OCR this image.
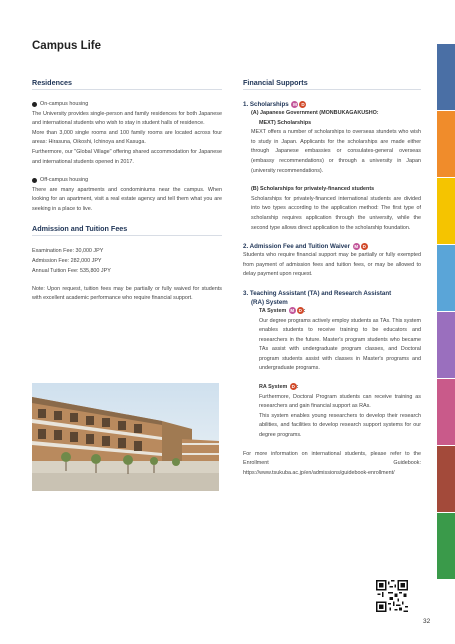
Campus Life
Residences
On-campus housing
The University provides single-person and family residences for both Japanese and international students who wish to stay in student halls of residence.
More than 3,000 single rooms and 100 family rooms are located across four areas: Hirasuna, Oikoshi, Ichinoya and Kasuga.
Furthermore, our "Global Village" offering shared accommodation for Japanese and international students opened in 2017.
Off-campus housing
There are many apartments and condominiums near the campus. When looking for an apartment, visit a real estate agency and tell them what you are seeking in a place to live.
Admission and Tuition Fees
Examination Fee: 30,000 JPY
Admission Fee: 282,000 JPY
Annual Tuition Fee: 535,800 JPY
Note: Upon request, tuition fees may be partially or fully waived for students with excellent academic performance who require financial support.
Financial Supports
1. Scholarships M D
(A) Japanese Government (MONBUKAGAKUSHO:
MEXT) Scholarships
MEXT offers a number of scholarships to overseas stundets who wish to study in Japan. Applicants for the scholarships are made either through Japanese embassies or consulates-general overseas (embassy recommendations) or through a university in Japan (university recommendations).
(B) Scholarships for privately-financed students
Scholarships for privately-financed international students are divided into two types according to the application method: The first type of scholarship requires application through the university, while the second type allows direct application to the scholarship foundation.
2. Admission Fee and Tuition Waiver M D
Students who require financial support may be partially or fully exempted from payment of admission fees and tuition fees, or may be allowed to delay payment upon request.
3. Teaching Assistant (TA) and Research Assistant
(RA) System
TA System M D :
Our degree programs actively employ students as TAs. This system enables students to receive training to be educators and researchers in the future. Master's program students who became TAs assist with undergraduate program classes, and Doctoral program students assist with classes in Master's programs and undergraduate programs.
RA System D :
Furthermore, Doctoral Program students can receive training as researchers and gain financial support as RAs.
This system enables young researchers to develop their research abilities, and facilities to develop research support systems for our degree programs.
For more information on international students, please refer to the Enrollment Guidebook: https://www.tsukuba.ac.jp/en/admissions/guidebook-enrollment/
32
